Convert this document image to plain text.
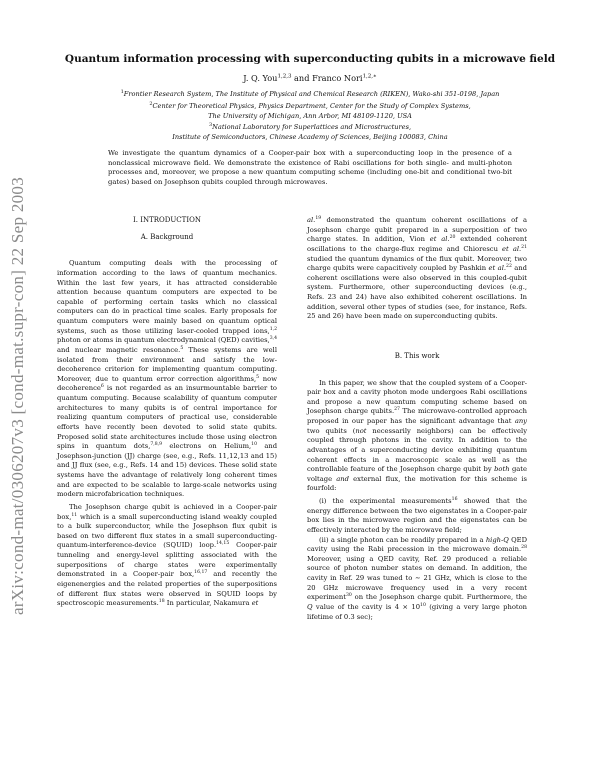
arXiv:cond-mat/0306207v3 [cond-mat.supr-con] 22 Sep 2003
Quantum information processing with superconducting qubits in a microwave field
J. Q. You$^{1,2,3}$ and Franco Nori$^{1,2,∗}$
$^1$Frontier Research System, The Institute of Physical and Chemical Research (RIKEN), Wako-shi 351-0198, Japan
$^2$Center for Theoretical Physics, Physics Department, Center for the Study of Complex Systems,
The University of Michigan, Ann Arbor, MI 48109-1120, USA
$^3$National Laboratory for Superlattices and Microstructures,
Institute of Semiconductors, Chinese Academy of Sciences, Beijing 100083, China
We investigate the quantum dynamics of a Cooper-pair box with a superconducting loop in the presence of a nonclassical microwave field. We demonstrate the existence of Rabi oscillations for both single- and multi-photon processes and, moreover, we propose a new quantum computing scheme (including one-bit and conditional two-bit gates) based on Josephson qubits coupled through microwaves.
I. INTRODUCTION
A. Background

Quantum computing deals with the processing of information according to the laws of quantum mechanics. Within the last few years, it has attracted considerable attention because quantum computers are expected to be capable of performing certain tasks which no classical computers can do in practical time scales. Early proposals for quantum computers were mainly based on quantum optical systems, such as those utilizing laser-cooled trapped ions,$^{1,2}$ photon or atoms in quantum electrodynamical (QED) cavities,$^{3,4}$ and nuclear magnetic resonance.$^5$ These systems are well isolated from their environment and satisfy the low-decoherence criterion for implementing quantum computing. Moreover, due to quantum error correction algorithms,$^5$ now decoherence$^6$ is not regarded as an insurmountable barrier to quantum computing. Because scalability of quantum computer architectures to many qubits is of central importance for realizing quantum computers of practical use, considerable efforts have recently been devoted to solid state qubits. Proposed solid state architectures include those using electron spins in quantum dots,$^{7,8,9}$ electrons on Helium,$^{10}$ and Josephson-junction (JJ) charge (see, e.g., Refs. 11,12,13 and 15) and JJ flux (see, e.g., Refs. 14 and 15) devices. These solid state systems have the advantage of relatively long coherent times and are expected to be scalable to large-scale networks using modern microfabrication techniques.

The Josephson charge qubit is achieved in a Cooper-pair box,$^{11}$ which is a small superconducting island weakly coupled to a bulk superconductor, while the Josephson flux qubit is based on two different flux states in a small superconducting-quantum-interference-device (SQUID) loop.$^{14,15}$ Cooper-pair tunneling and energy-level splitting associated with the superpositions of charge states were experimentally demonstrated in a Cooper-pair box,$^{16,17}$ and recently the eigenenergies and the related properties of the superpositions of different flux states were observed in SQUID loops by spectroscopic measurements.$^{18}$ In particular, Nakamura et

al.$^{19}$ demonstrated the quantum coherent oscillations of a Josephson charge qubit prepared in a superposition of two charge states. In addition, Vion et al.$^{20}$ extended coherent oscillations to the charge-flux regime and Chiorescu et al.$^{21}$ studied the quantum dynamics of the flux qubit. Moreover, two charge qubits were capacitively coupled by Pashkin et al.$^{22}$ and coherent oscillations were also observed in this coupled-qubit system. Furthermore, other superconducting devices (e.g., Refs. 23 and 24) have also exhibited coherent oscillations. In addition, several other types of studies (see, for instance, Refs. 25 and 26) have been made on superconducting qubits.

B. This work

In this paper, we show that the coupled system of a Cooper-pair box and a cavity photon mode undergoes Rabi oscillations and propose a new quantum computing scheme based on Josephson charge qubits.$^{27}$ The microwave-controlled approach proposed in our paper has the significant advantage that any two qubits (not necessarily neighbors) can be effectively coupled through photons in the cavity. In addition to the advantages of a superconducting device exhibiting quantum coherent effects in a macroscopic scale as well as the controllable feature of the Josephson charge qubit by both gate voltage and external flux, the motivation for this scheme is fourfold:

(i) the experimental measurements$^{16}$ showed that the energy difference between the two eigenstates in a Cooper-pair box lies in the microwave region and the eigenstates can be effectively interacted by the microwave field;

(ii) a single photon can be readily prepared in a high-Q QED cavity using the Rabi precession in the microwave domain.$^{28}$ Moreover, using a QED cavity, Ref. 29 produced a reliable source of photon number states on demand. In addition, the cavity in Ref. 29 was tuned to ∼ 21 GHz, which is close to the 20 GHz microwave frequency used in a very recent experiment$^{30}$ on the Josephson charge qubit. Furthermore, the Q value of the cavity is $4 \times 10^{10}$ (giving a very large photon lifetime of 0.3 sec);
